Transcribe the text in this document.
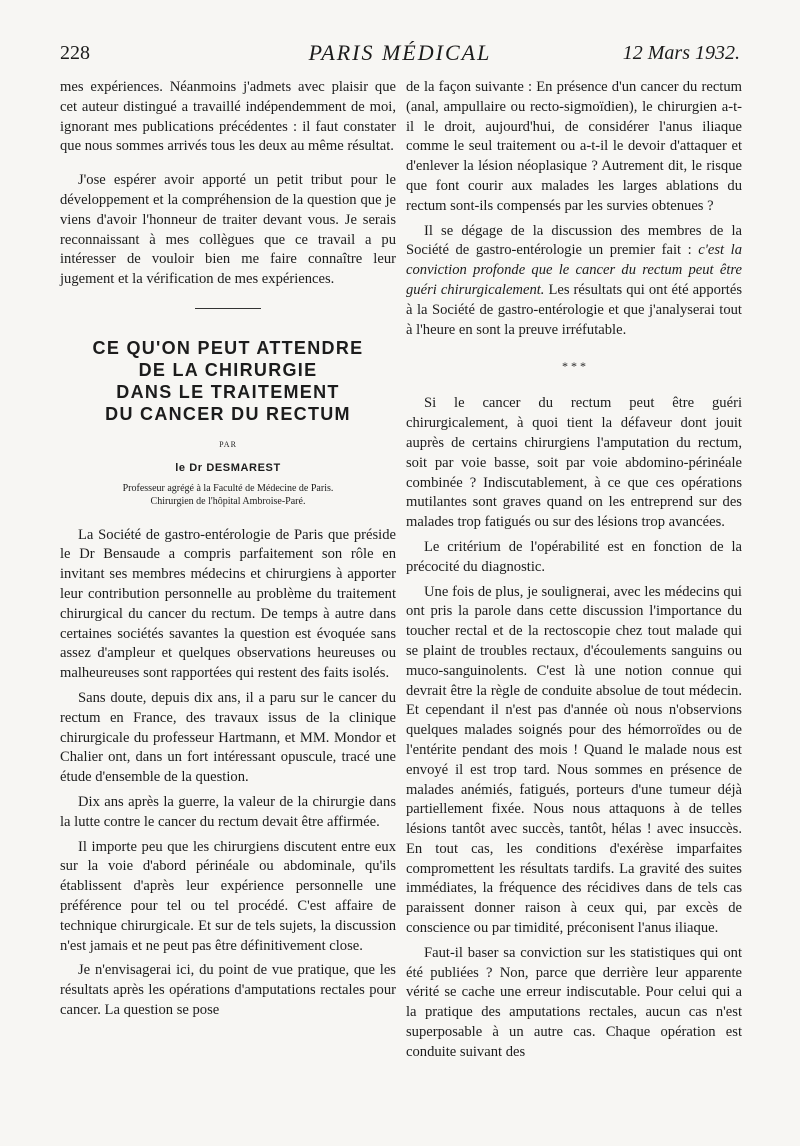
228	PARIS MÉDICAL	12 Mars 1932.

mes expériences. Néanmoins j'admets avec plaisir que cet auteur distingué a travaillé indépendemment de moi, ignorant mes publications précédentes : il faut constater que nous sommes arrivés tous les deux au même résultat.

J'ose espérer avoir apporté un petit tribut pour le développement et la compréhension de la question que je viens d'avoir l'honneur de traiter devant vous. Je serais reconnaissant à mes collègues que ce travail a pu intéresser de vouloir bien me faire connaître leur jugement et la vérification de mes expériences.

CE QU'ON PEUT ATTENDRE
DE LA CHIRURGIE
DANS LE TRAITEMENT
DU CANCER DU RECTUM
PAR
le Dr DESMAREST
Professeur agrégé à la Faculté de Médecine de Paris.
Chirurgien de l'hôpital Ambroise-Paré.

La Société de gastro-entérologie de Paris que préside le Dr Bensaude a compris parfaitement son rôle en invitant ses membres médecins et chirurgiens à apporter leur contribution personnelle au problème du traitement chirurgical du cancer du rectum. De temps à autre dans certaines sociétés savantes la question est évoquée sans assez d'ampleur et quelques observations heureuses ou malheureuses sont rapportées qui restent des faits isolés.

Sans doute, depuis dix ans, il a paru sur le cancer du rectum en France, des travaux issus de la clinique chirurgicale du professeur Hartmann, et MM. Mondor et Chalier ont, dans un fort intéressant opuscule, tracé une étude d'ensemble de la question.

Dix ans après la guerre, la valeur de la chirurgie dans la lutte contre le cancer du rectum devait être affirmée.

Il importe peu que les chirurgiens discutent entre eux sur la voie d'abord périnéale ou abdominale, qu'ils établissent d'après leur expérience personnelle une préférence pour tel ou tel procédé. C'est affaire de technique chirurgicale. Et sur de tels sujets, la discussion n'est jamais et ne peut pas être définitivement close.

Je n'envisagerai ici, du point de vue pratique, que les résultats après les opérations d'amputations rectales pour cancer. La question se pose

de la façon suivante : En présence d'un cancer du rectum (anal, ampullaire ou recto-sigmoïdien), le chirurgien a-t-il le droit, aujourd'hui, de considérer l'anus iliaque comme le seul traitement ou a-t-il le devoir d'attaquer et d'enlever la lésion néoplasique ? Autrement dit, le risque que font courir aux malades les larges ablations du rectum sont-ils compensés par les survies obtenues ?

Il se dégage de la discussion des membres de la Société de gastro-entérologie un premier fait : c'est la conviction profonde que le cancer du rectum peut être guéri chirurgicalement. Les résultats qui ont été apportés à la Société de gastro-entérologie et que j'analyserai tout à l'heure en sont la preuve irréfutable.

* * *

Si le cancer du rectum peut être guéri chirurgicalement, à quoi tient la défaveur dont jouit auprès de certains chirurgiens l'amputation du rectum, soit par voie basse, soit par voie abdomino-périnéale combinée ? Indiscutablement, à ce que ces opérations mutilantes sont graves quand on les entreprend sur des malades trop fatigués ou sur des lésions trop avancées.

Le critérium de l'opérabilité est en fonction de la précocité du diagnostic.

Une fois de plus, je soulignerai, avec les médecins qui ont pris la parole dans cette discussion l'importance du toucher rectal et de la rectoscopie chez tout malade qui se plaint de troubles rectaux, d'écoulements sanguins ou muco-sanguinolents. C'est là une notion connue qui devrait être la règle de conduite absolue de tout médecin. Et cependant il n'est pas d'année où nous n'observions quelques malades soignés pour des hémorroïdes ou de l'entérite pendant des mois ! Quand le malade nous est envoyé il est trop tard. Nous sommes en présence de malades anémiés, fatigués, porteurs d'une tumeur déjà partiellement fixée. Nous nous attaquons à de telles lésions tantôt avec succès, tantôt, hélas ! avec insuccès. En tout cas, les conditions d'exérèse imparfaites compromettent les résultats tardifs. La gravité des suites immédiates, la fréquence des récidives dans de tels cas paraissent donner raison à ceux qui, par excès de conscience ou par timidité, préconisent l'anus iliaque.

Faut-il baser sa conviction sur les statistiques qui ont été publiées ? Non, parce que derrière leur apparente vérité se cache une erreur indiscutable. Pour celui qui a la pratique des amputations rectales, aucun cas n'est superposable à un autre cas. Chaque opération est conduite suivant des
